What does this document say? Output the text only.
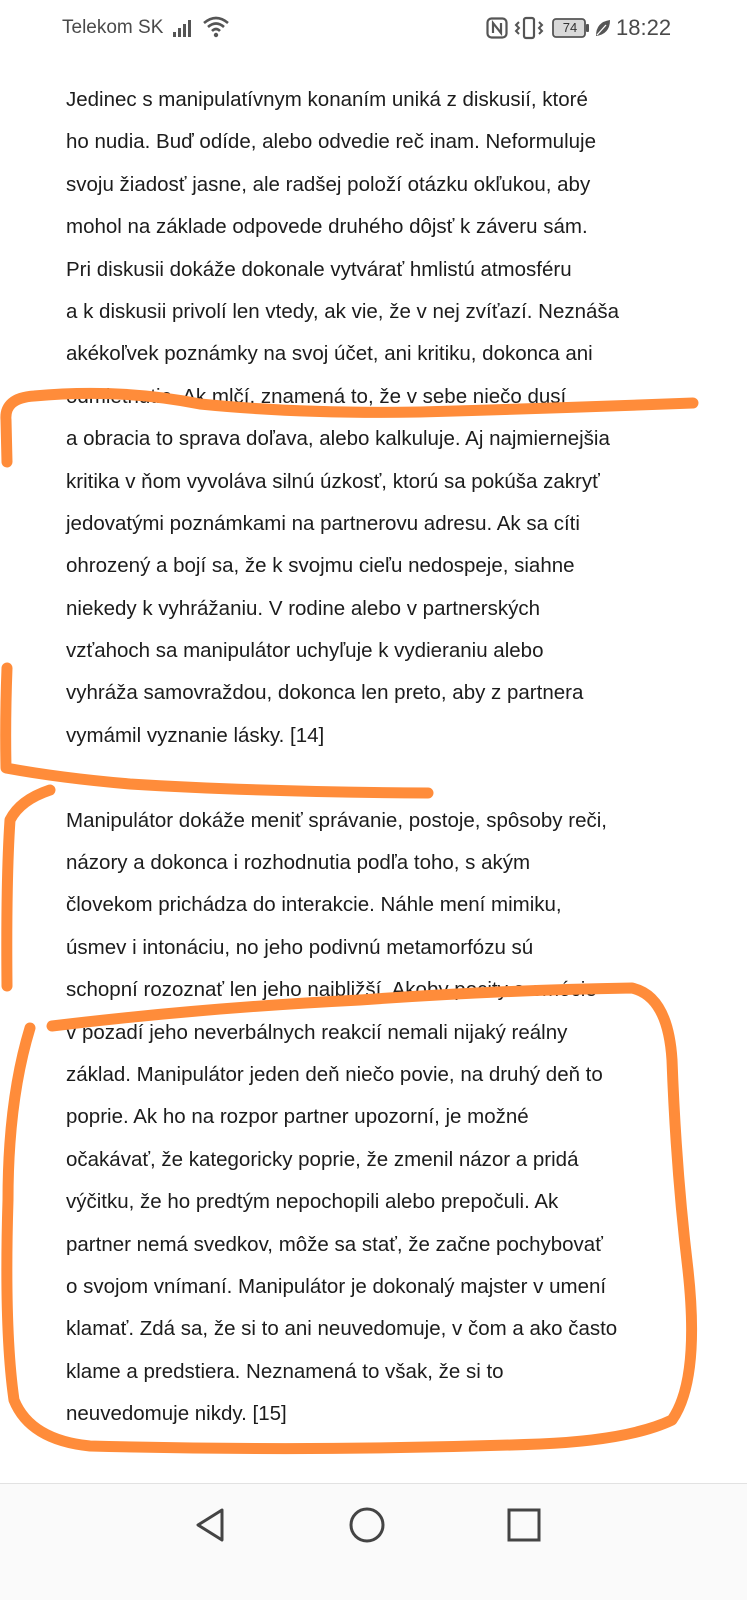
Telekom SK	74	18:22
Jedinec s manipulatívnym konaním uniká z diskusií, ktoré
ho nudia. Buď odíde, alebo odvedie reč inam. Neformuluje
svoju žiadosť jasne, ale radšej položí otázku okľukou, aby
mohol na základe odpovede druhého dôjsť k záveru sám.
Pri diskusii dokáže dokonale vytvárať hmlistú atmosféru
a k diskusii privolí len vtedy, ak vie, že v nej zvíťazí. Neznáša
akékoľvek poznámky na svoj účet, ani kritiku, dokonca ani
odmietnutie. Ak mlčí, znamená to, že v sebe niečo dusí
a obracia to sprava doľava, alebo kalkuluje. Aj najmiernejšia
kritika v ňom vyvoláva silnú úzkosť, ktorú sa pokúša zakryť
jedovatými poznámkami na partnerovu adresu. Ak sa cíti
ohrozený a bojí sa, že k svojmu cieľu nedospeje, siahne
niekedy k vyhrážaniu. V rodine alebo v partnerských
vzťahoch sa manipulátor uchyľuje k vydieraniu alebo
vyhráža samovraždou, dokonca len preto, aby z partnera
vymámil vyznanie lásky. [14]
Manipulátor dokáže meniť správanie, postoje, spôsoby reči,
názory a dokonca i rozhodnutia podľa toho, s akým
človekom prichádza do interakcie. Náhle mení mimiku,
úsmev i intonáciu, no jeho podivnú metamorfózu sú
schopní rozoznať len jeho najbližší. Akoby pocity a emócie
v pozadí jeho neverbálnych reakcií nemali nijaký reálny
základ. Manipulátor jeden deň niečo povie, na druhý deň to
poprie. Ak ho na rozpor partner upozorní, je možné
očakávať, že kategoricky poprie, že zmenil názor a pridá
výčitku, že ho predtým nepochopili alebo prepočuli. Ak
partner nemá svedkov, môže sa stať, že začne pochybovať
o svojom vnímaní. Manipulátor je dokonalý majster v umení
klamať. Zdá sa, že si to ani neuvedomuje, v čom a ako často
klame a predstiera. Neznamená to však, že si to
neuvedomuje nikdy. [15]
